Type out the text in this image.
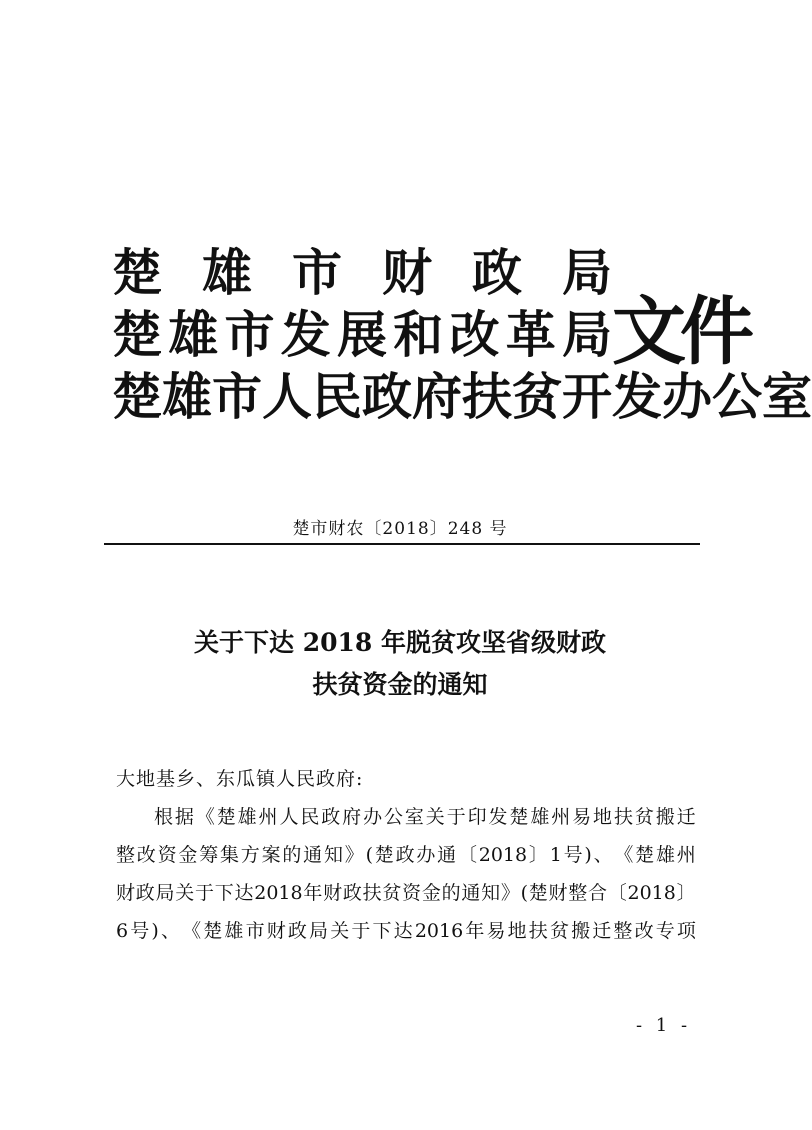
楚 雄 市 财 政 局
楚 雄 市 发 展 和 改 革 局
楚 雄 市 人 民 政 府 扶 贫 开 发 办 公 室
文件
楚市财农〔2018〕248 号
关于下达 2018 年脱贫攻坚省级财政
扶贫资金的通知
大地基乡、东瓜镇人民政府:
根 据 《 楚 雄 州 人 民 政 府 办 公 室 关 于 印 发 楚 雄 州 易 地 扶 贫 搬 迁
整 改 资 金 筹 集 方 案 的 通 知 》 ( 楚 政 办 通 〔 2018 〕 1 号 ) 、 《 楚 雄 州
财 政 局 关 于 下 达 2018 年 财 政 扶 贫 资 金 的 通 知 》 ( 楚 财 整 合 〔 2018 〕
6 号 ) 、 《 楚 雄 市 财 政 局 关 于 下 达 2016 年 易 地 扶 贫 搬 迁 整 改 专 项
- 1 -
